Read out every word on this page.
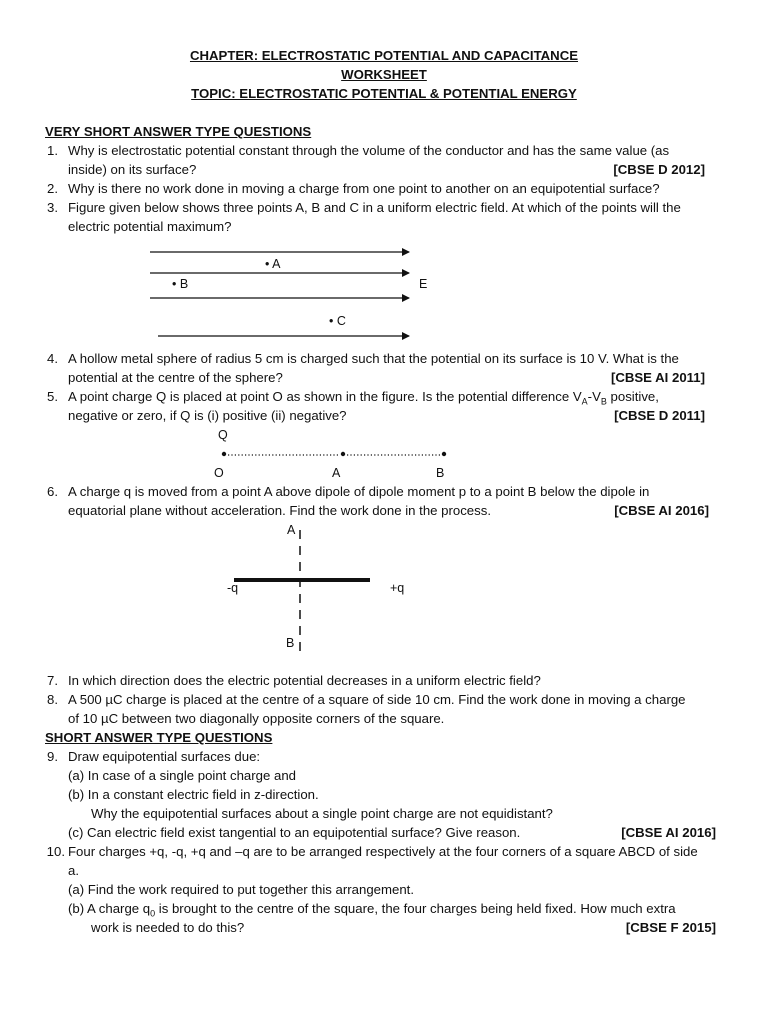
CHAPTER: ELECTROSTATIC POTENTIAL AND CAPACITANCE
WORKSHEET
TOPIC: ELECTROSTATIC POTENTIAL & POTENTIAL ENERGY
VERY SHORT ANSWER TYPE QUESTIONS
1. Why is electrostatic potential constant through the volume of the conductor and has the same value (as
inside) on its surface?	[CBSE D 2012]
2. Why is there no work done in moving a charge from one point to another on an equipotential surface?
3. Figure given below shows three points A, B and C in a uniform electric field. At which of the points will the
electric potential maximum?
• A
• B	E
• C
4. A hollow metal sphere of radius 5 cm is charged such that the potential on its surface is 10 V. What is the
potential at the centre of the sphere?	[CBSE AI 2011]
5. A point charge Q is placed at point O as shown in the figure. Is the potential difference $V_A-V_B$ positive,
negative or zero, if Q is (i) positive (ii) negative?	[CBSE D 2011]
Q
O	A	B
6. A charge q is moved from a point A above dipole of dipole moment p to a point B below the dipole in
equatorial plane without acceleration. Find the work done in the process.	[CBSE AI 2016]
A
-q	+q
B
7. In which direction does the electric potential decreases in a uniform electric field?
8. A 500 µC charge is placed at the centre of a square of side 10 cm. Find the work done in moving a charge
of 10 µC between two diagonally opposite corners of the square.
SHORT ANSWER TYPE QUESTIONS
9. Draw equipotential surfaces due:
(a) In case of a single point charge and
(b) In a constant electric field in z-direction.
Why the equipotential surfaces about a single point charge are not equidistant?
(c) Can electric field exist tangential to an equipotential surface? Give reason.	[CBSE AI 2016]
10. Four charges +q, -q, +q and –q are to be arranged respectively at the four corners of a square ABCD of side
a.
(a) Find the work required to put together this arrangement.
(b) A charge $q_0$ is brought to the centre of the square, the four charges being held fixed. How much extra
work is needed to do this?	[CBSE F 2015]
